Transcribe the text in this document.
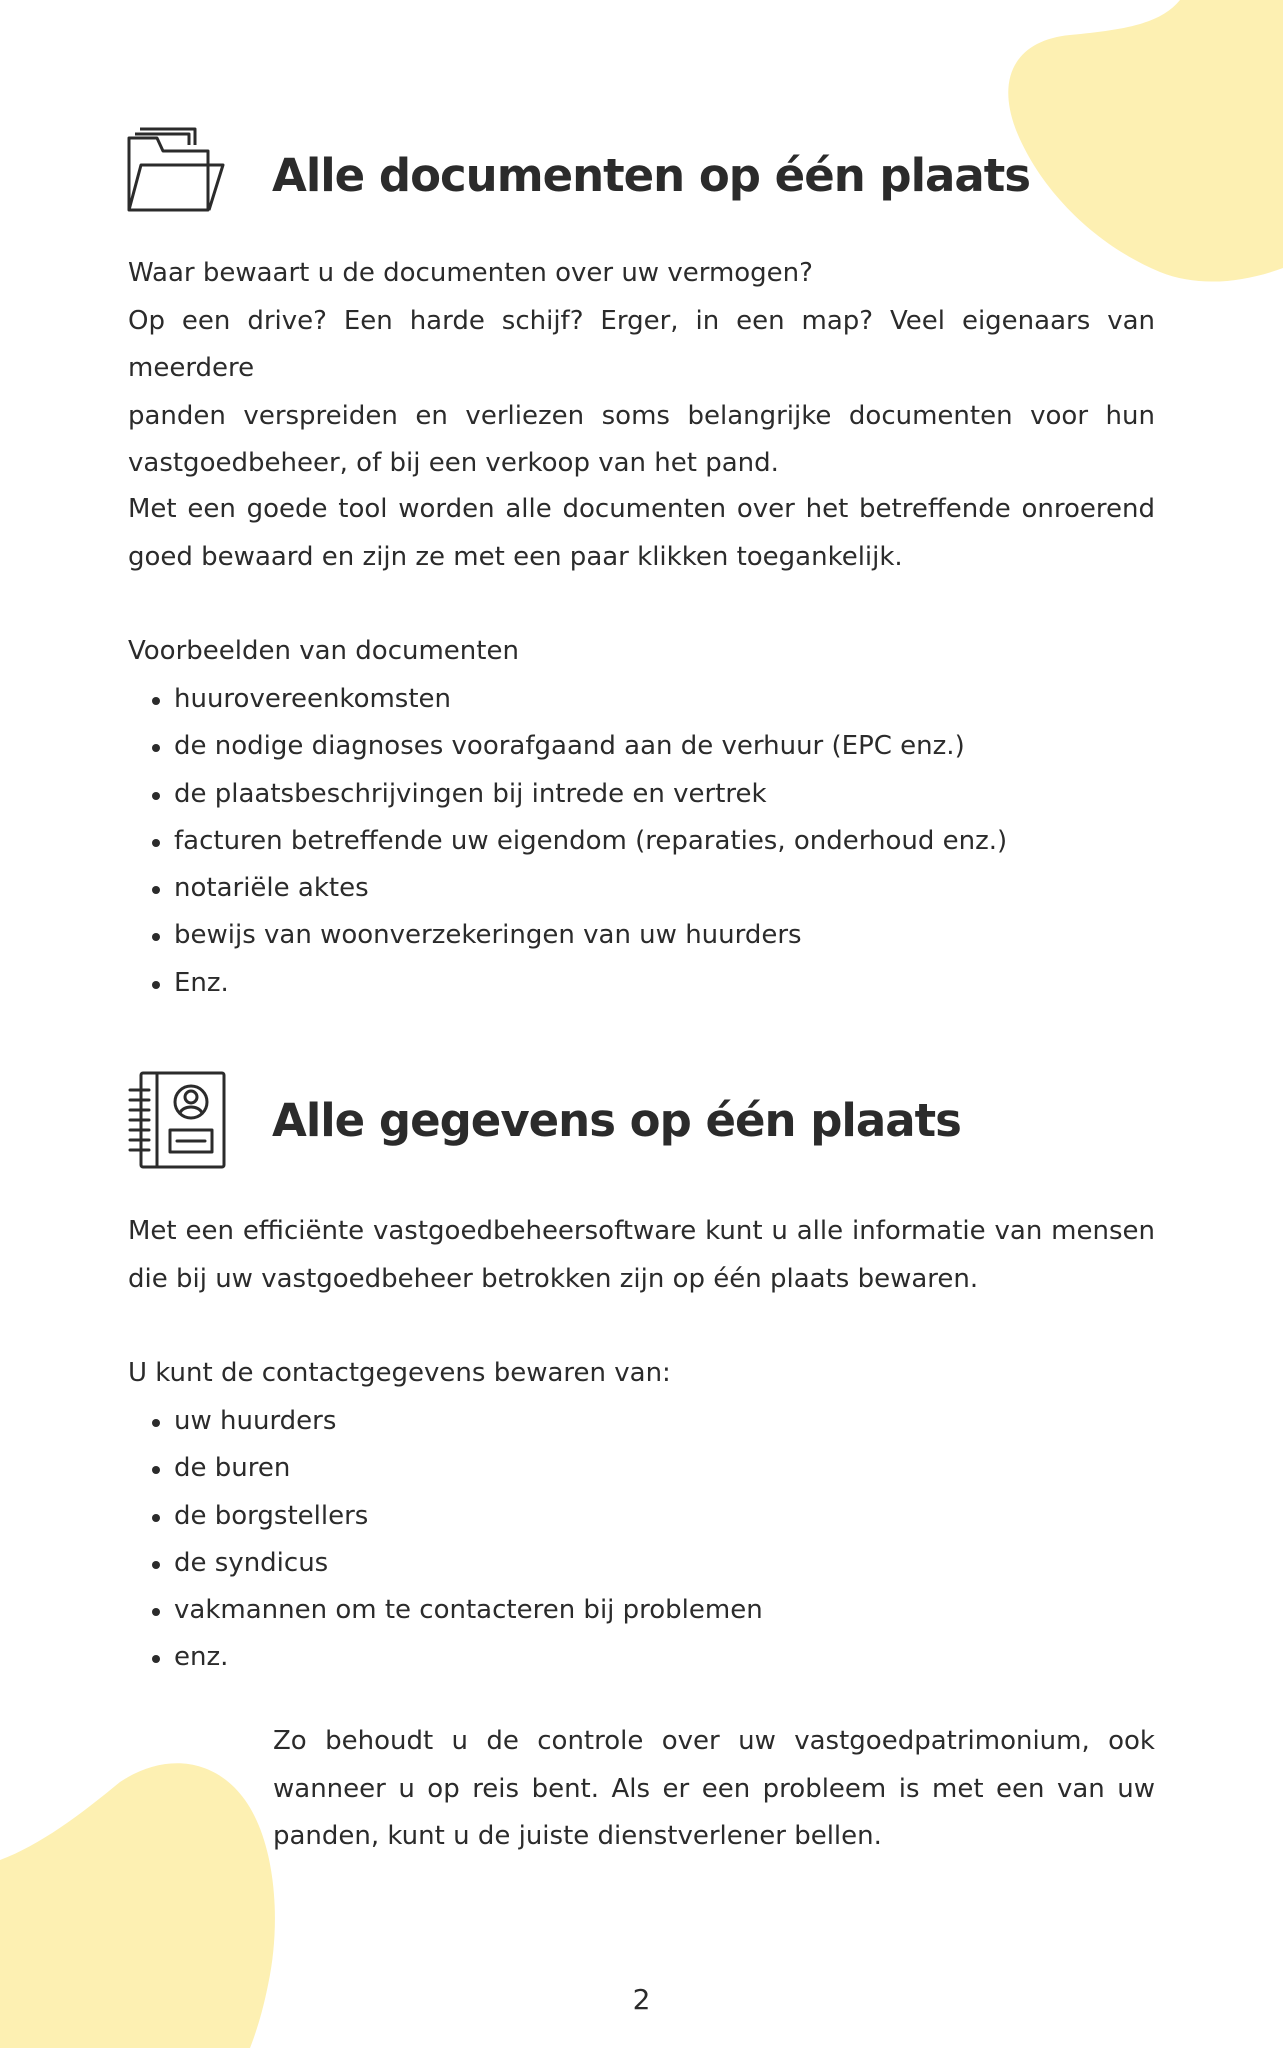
Alle documenten op één plaats

Waar bewaart u de documenten over uw vermogen?
Op een drive? Een harde schijf? Erger, in een map? Veel eigenaars van meerdere
panden verspreiden en verliezen soms belangrijke documenten voor hun
vastgoedbeheer, of bij een verkoop van het pand.

Met een goede tool worden alle documenten over het betreffende onroerend
goed bewaard en zijn ze met een paar klikken toegankelijk.

Voorbeelden van documenten

huurovereenkomsten
de nodige diagnoses voorafgaand aan de verhuur (EPC enz.)
de plaatsbeschrijvingen bij intrede en vertrek
facturen betreffende uw eigendom (reparaties, onderhoud enz.)
notariële aktes
bewijs van woonverzekeringen van uw huurders
Enz.
Alle gegevens op één plaats

Met een efficiënte vastgoedbeheersoftware kunt u alle informatie van mensen
die bij uw vastgoedbeheer betrokken zijn op één plaats bewaren.

U kunt de contactgegevens bewaren van:

uw huurders
de buren
de borgstellers
de syndicus
vakmannen om te contacteren bij problemen
enz.

Zo behoudt u de controle over uw vastgoedpatrimonium, ook
wanneer u op reis bent. Als er een probleem is met een van uw
panden, kunt u de juiste dienstverlener bellen.

2
